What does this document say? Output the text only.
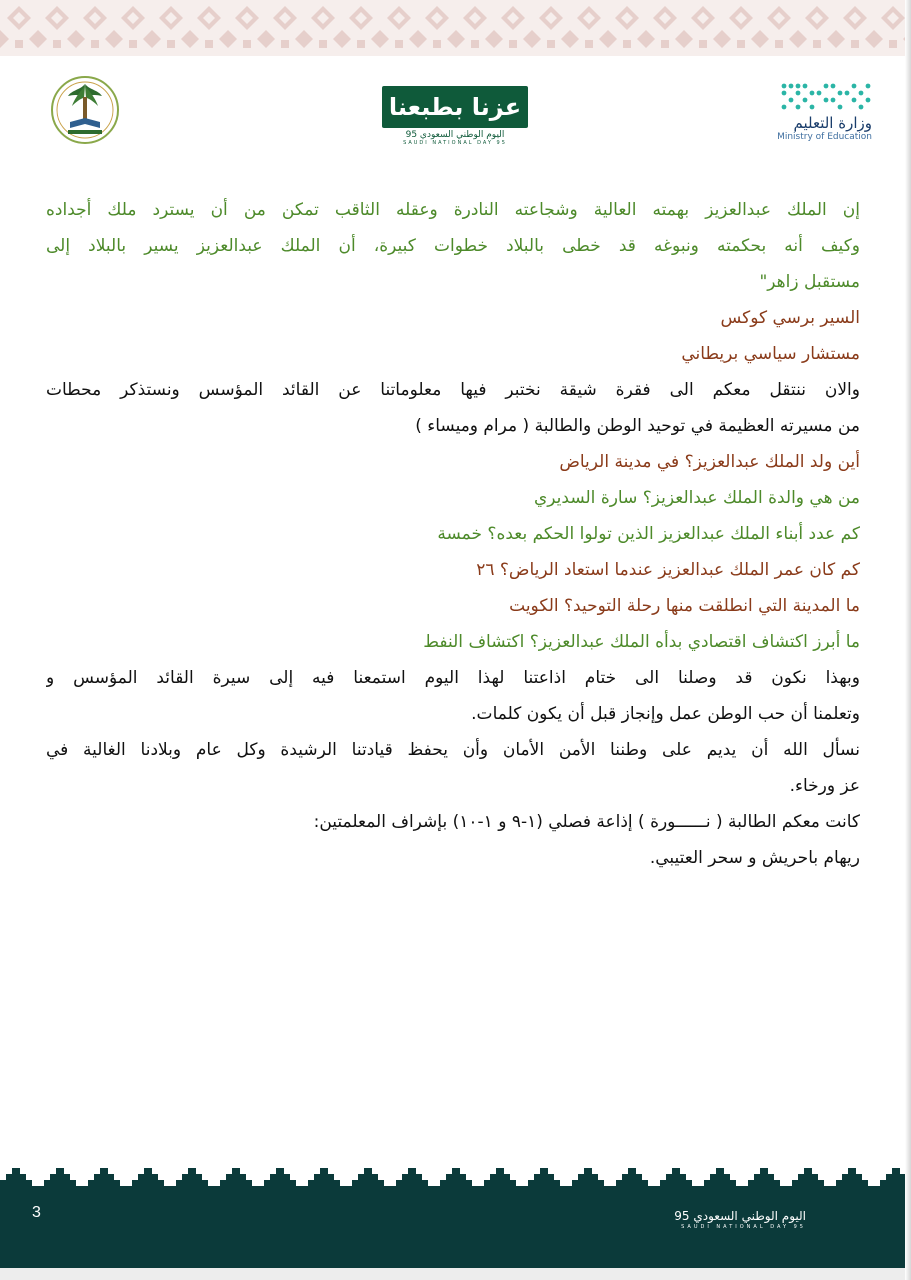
عزنا بطبعنا
اليوم الوطني السعودي 95
SAUDI NATIONAL DAY 95
وزارة التعليم
Ministry of Education
إن الملك عبدالعزيز بهمته العالية وشجاعته النادرة وعقله الثاقب تمكن من أن يسترد ملك أجداده
وكيف أنه بحكمته ونبوغه قد خطى بالبلاد خطوات كبيرة، أن الملك عبدالعزيز يسير بالبلاد إلى
مستقبل زاهر"
السير برسي كوكس
مستشار سياسي بريطاني
والان ننتقل معكم الى فقرة شيقة نختبر فيها معلوماتنا عن القائد المؤسس ونستذكر محطات
من مسيرته العظيمة في توحيد الوطن والطالبة ( مرام وميساء )
أين ولد الملك عبدالعزيز؟ في مدينة الرياض
من هي والدة الملك عبدالعزيز؟ سارة السديري
كم عدد أبناء الملك عبدالعزيز الذين تولوا الحكم بعده؟ خمسة
كم كان عمر الملك عبدالعزيز عندما استعاد الرياض؟ ٢٦
ما المدينة التي انطلقت منها رحلة التوحيد؟ الكويت
ما أبرز اكتشاف اقتصادي بدأه الملك عبدالعزيز؟ اكتشاف النفط
وبهذا نكون قد وصلنا الى ختام اذاعتنا لهذا اليوم استمعنا فيه إلى سيرة القائد المؤسس و
وتعلمنا أن حب الوطن عمل وإنجاز قبل أن يكون كلمات.
نسأل الله أن يديم على وطننا الأمن الأمان وأن يحفظ قيادتنا الرشيدة وكل عام وبلادنا الغالية في
عز ورخاء.
كانت معكم الطالبة ( نــــــورة ) إذاعة فصلي (١-٩ و ١-١٠) بإشراف المعلمتين:
ريهام باحريش و سحر العتيبي.
3	اليوم الوطني السعودي 95
SAUDI NATIONAL DAY 95
